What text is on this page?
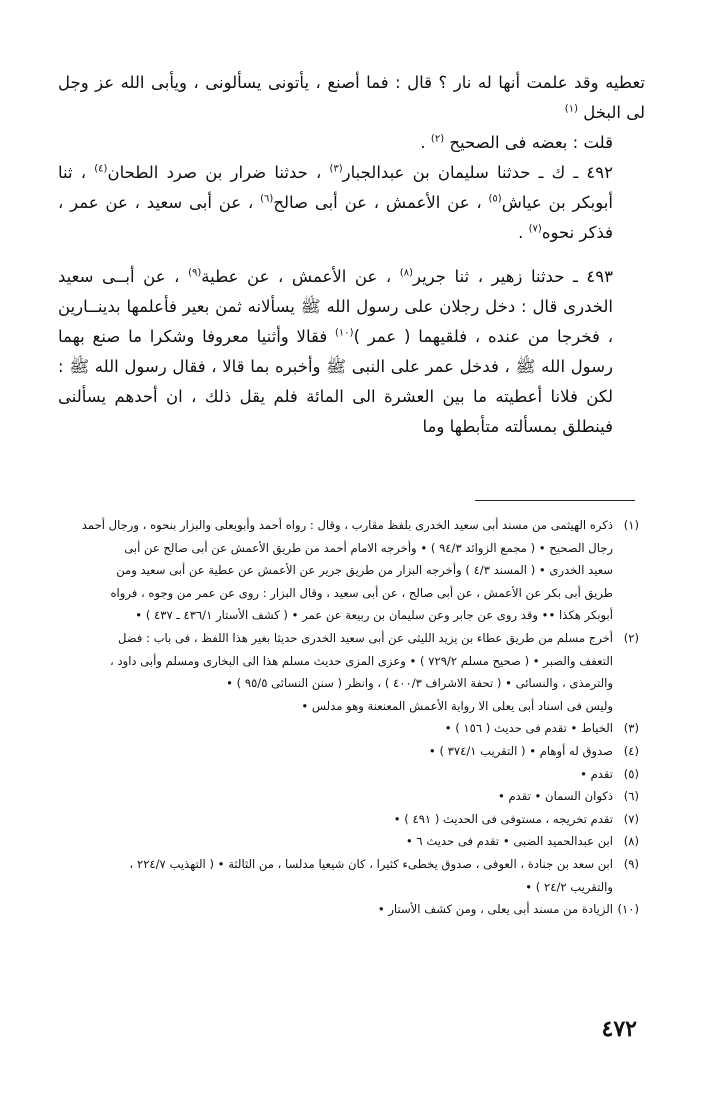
تعطيه وقد علمت أنها له نار ؟ قال : فما أصنع ، يأتونى يسألونى ، ويأبى الله عز وجل لى البخل $^{(١)}$

قلت : بعضه فى الصحيح $^{(٢)}$ .

٤٩٢ ـ ك ـ حدثنا سليمان بن عبدالجبار$^{(٣)}$ ، حدثنا ضرار بن صرد الطحان$^{(٤)}$ ، ثنا أبوبكر بن عياش$^{(٥)}$ ، عن الأعمش ، عن أبى صالح$^{(٦)}$ ، عن أبى سعيد ، عن عمر ، فذكر نحوه$^{(٧)}$ .

٤٩٣ ـ حدثنا زهير ، ثنا جرير$^{(٨)}$ ، عن الأعمش ، عن عطية$^{(٩)}$ ، عن أبــى سعيد الخدرى قال : دخل رجلان على رسول الله ﷺ يسألانه ثمن بعير فأعلمها بدينــارين ، فخرجا من عنده ، فلقيهما ( عمر )$^{(١٠)}$ فقالا وأثنيا معروفا وشكرا ما صنع بهما رسول الله ﷺ ، فدخل عمر على النبى ﷺ وأخبره بما قالا ، فقال رسول الله ﷺ : لكن فلانا أعطيته ما بين العشرة الى المائة فلم يقل ذلك ، ان أحدهم يسألنى فينطلق بمسألته متأبطها وما

(١)
ذكره الهيثمى من مسند أبى سعيد الخدرى بلفظ مقارب ، وقال : رواه أحمد وأبويعلى والبزار بنحوه ، ورجال أحمد
رجال الصحيح • ( مجمع الزوائد ٩٤/٣ ) • وأخرجه الامام أحمد من طريق الأعمش عن أبى صالح عن أبى
سعيد الخدرى • ( المسند ٤/٣ ) وأخرجه البزار من طريق جرير عن الأعمش عن عطية عن أبى سعيد ومن
طريق أبى بكر عن الأعمش ، عن أبى صالح ، عن أبى سعيد ، وقال البزار : روى عن عمر من وجوه ، فرواه
أبوبكر هكذا •• وقد روى عن جابر وعن سليمان بن ربيعة عن عمر • ( كشف الأستار ٤٣٦/١ ـ ٤٣٧ ) •
(٢)
أخرج مسلم من طريق عطاء بن يزيد الليثى عن أبى سعيد الخدرى حديثا بغير هذا اللفظ ، فى باب : فضل
التعفف والصبر • ( صحيح مسلم ٧٢٩/٢ ) • وعزى المزى حديث مسلم هذا الى البخارى ومسلم وأبى داود ،
والترمذى ، والنسائى • ( تحفة الاشراف ٤٠٠/٣ ) ، وانظر ( سنن النسائى ٩٥/٥ ) •
وليس فى اسناد أبى يعلى الا رواية الأعمش المعنعنة وهو مدلس •
(٣)
الخياط • تقدم فى حديث ( ١٥٦ ) •
(٤)
صدوق له أوهام • ( التقريب ٣٧٤/١ ) •
(٥)
تقدم •
(٦)
ذكوان السمان • تقدم •
(٧)
تقدم تخريجه ، مستوفى فى الحديث ( ٤٩١ ) •
(٨)
ابن عبدالحميد الضبى • تقدم فى حديث ٦ •
(٩)
ابن سعد بن جنادة ، العوفى ، صدوق يخطىء كثيرا ، كان شيعيا مدلسا ، من الثالثة • ( التهذيب ٢٢٤/٧ ،
والتقريب ٢٤/٢ ) •
(١٠)
الزيادة من مسند أبى يعلى ، ومن كشف الأستار •
٤٧٢
